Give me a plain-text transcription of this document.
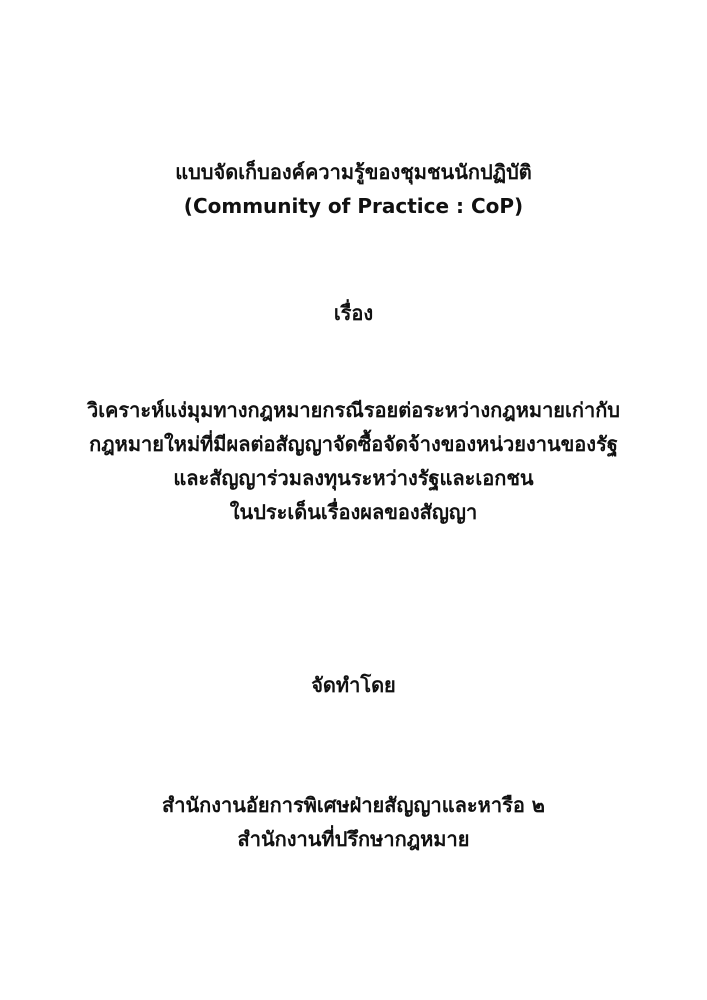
แบบจัดเก็บองค์ความรู้ของชุมชนนักปฏิบัติ
(Community of Practice : CoP)
เรื่อง
วิเคราะห์แง่มุมทางกฎหมายกรณีรอยต่อระหว่างกฎหมายเก่ากับ
กฎหมายใหม่ที่มีผลต่อสัญญาจัดซื้อจัดจ้างของหน่วยงานของรัฐ
และสัญญาร่วมลงทุนระหว่างรัฐและเอกชน
ในประเด็นเรื่องผลของสัญญา
จัดทำโดย
สำนักงานอัยการพิเศษฝ่ายสัญญาและหารือ ๒
สำนักงานที่ปรึกษากฎหมาย
